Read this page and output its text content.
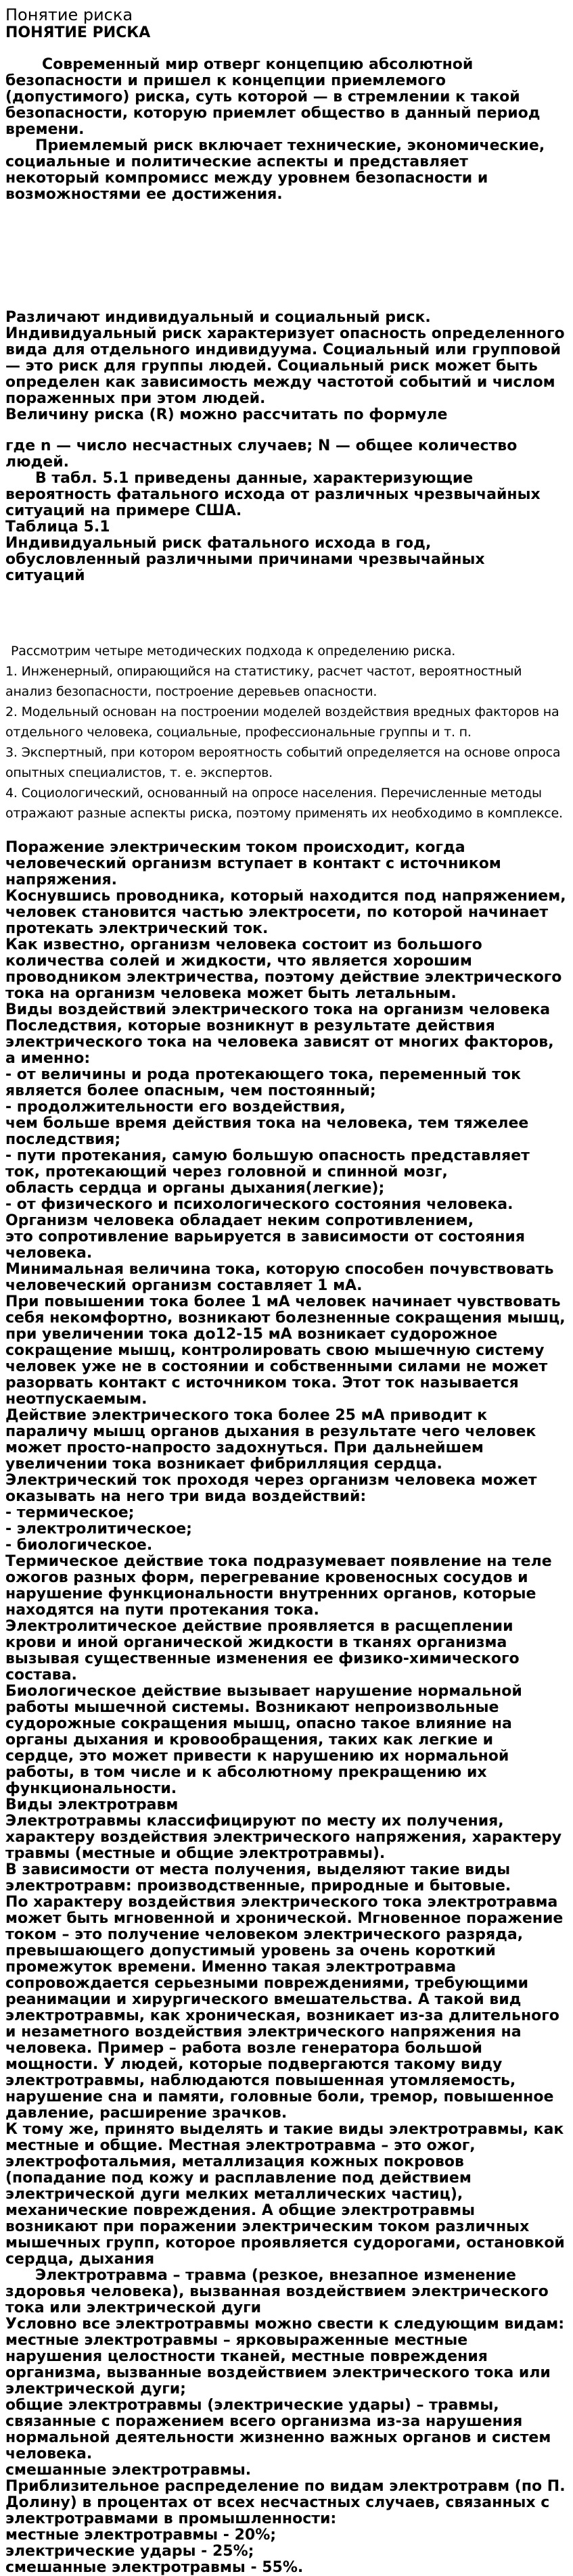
Понятие риска
ПОНЯТИЕ РИСКА

Современный мир отверг концепцию абсолютной безопасности и пришел к концепции приемлемого (допустимого) риска, суть которой — в стремлении к такой безопасности, которую приемлет общество в данный период времени.

Приемлемый риск включает технические, экономические, социальные и политические аспекты и представляет некоторый компромисс между уровнем безопасности и возможностями ее достижения.

Различают индивидуальный и социальный риск. Индивидуальный риск характеризует опасность определенного вида для отдельного индивидуума. Социальный или групповой — это риск для группы людей. Социальный риск может быть определен как зависимость между частотой событий и числом пораженных при этом людей.

Величину риска (R) можно рассчитать по формуле

где n — число несчастных случаев; N — общее количество людей.

В табл. 5.1 приведены данные, характеризующие вероятность фатального исхода от различных чрезвычайных ситуаций на примере США.

Таблица 5.1

Индивидуальный риск фатального исхода в год, обусловленный различными причинами чрезвычайных ситуаций

Рассмотрим четыре методических подхода к определению риска.

1. Инженерный, опирающийся на статистику, расчет частот, вероятностный анализ безопасности, построение деревьев опасности.

2. Модельный основан на построении моделей воздействия вредных факторов на отдельного человека, социальные, профессиональные группы и т. п.

3. Экспертный, при котором вероятность событий определяется на основе опроса опытных специалистов, т. е. экспертов.

4. Социологический, основанный на опросе населения. Перечисленные методы отражают разные аспекты риска, поэтому применять их необходимо в комплексе.

Поражение электрическим током происходит, когда человеческий организм вступает в контакт с источником напряжения.

Коснувшись проводника, который находится под напряжением, человек становится частью электросети, по которой начинает протекать электрический ток.

Как известно, организм человека состоит из большого количества солей и жидкости, что является хорошим проводником электричества, поэтому действие электрического тока на организм человека может быть летальным.

Виды воздействий электрического тока на организм человека

Последствия, которые возникнут в результате действия электрического тока на человека зависят от многих факторов, а именно:

- от величины и рода протекающего тока, переменный ток является более опасным, чем постоянный;

- продолжительности его воздействия,

чем больше время действия тока на человека, тем тяжелее последствия;

- пути протекания, самую большую опасность представляет ток, протекающий через головной и спинной мозг,

область сердца и органы дыхания(легкие);

- от физического и психологического состояния человека.

Организм человека обладает неким сопротивлением,

это сопротивление варьируется в зависимости от состояния человека.

Минимальная величина тока, которую способен почувствовать человеческий организм составляет 1 мА.

При повышении тока более 1 мА человек начинает чувствовать себя некомфортно, возникают болезненные сокращения мышц, при увеличении тока до12-15 мА возникает судорожное сокращение мышц, контролировать свою мышечную систему человек уже не в состоянии и собственными силами не может разорвать контакт с источником тока. Этот ток называется неотпускаемым.

Действие электрического тока более 25 мА приводит к параличу мышц органов дыхания в результате чего человек может просто-напросто задохнуться. При дальнейшем увеличении тока возникает фибрилляция сердца.

Электрический ток проходя через организм человека может оказывать на него три вида воздействий:

- термическое;

- электролитическое;

- биологическое.

Термическое действие тока подразумевает появление на теле ожогов разных форм, перегревание кровеносных сосудов и нарушение функциональности внутренних органов, которые находятся на пути протекания тока.

Электролитическое действие проявляется в расщеплении крови и иной органической жидкости в тканях организма вызывая существенные изменения ее физико-химического состава.

Биологическое действие вызывает нарушение нормальной работы мышечной системы. Возникают непроизвольные судорожные сокращения мышц, опасно такое влияние на органы дыхания и кровообращения, таких как легкие и сердце, это может привести к нарушению их нормальной работы, в том числе и к абсолютному прекращению их функциональности.

Виды электротравм

Электротравмы классифицируют по месту их получения, характеру воздействия электрического напряжения, характеру травмы (местные и общие электротравмы).

В зависимости от места получения, выделяют такие виды электротравм: производственные, природные и бытовые.

По характеру воздействия электрического тока электротравма может быть мгновенной и хронической. Мгновенное поражение током – это получение человеком электрического разряда, превышающего допустимый уровень за очень короткий промежуток времени. Именно такая электротравма сопровождается серьезными повреждениями, требующими реанимации и хирургического вмешательства. А такой вид электротравмы, как хроническая, возникает из-за длительного и незаметного воздействия электрического напряжения на человека. Пример – работа возле генератора большой мощности. У людей, которые подвергаются такому виду электротравмы, наблюдаются повышенная утомляемость, нарушение сна и памяти, головные боли, тремор, повышенное давление, расширение зрачков.

К тому же, принято выделять и такие виды электротравмы, как местные и общие. Местная электротравма – это ожог, электрофотальмия, металлизация кожных покровов (попадание под кожу и расплавление под действием электрической дуги мелких металлических частиц), механические повреждения. А общие электротравмы возникают при поражении электрическим током различных мышечных групп, которое проявляется судорогами, остановкой сердца, дыхания

Электротравма – травма (резкое, внезапное изменение здоровья человека), вызванная воздействием электрического тока или электрической дуги

Условно все электротравмы можно свести к следующим видам:

местные электротравмы – ярковыраженные местные нарушения целостности тканей, местные повреждения организма, вызванные воздействием электрического тока или электрической дуги;

общие электротравмы (электрические удары) – травмы, связанные с поражением всего организма из-за нарушения нормальной деятельности жизненно важных органов и систем человека.

смешанные электротравмы.

Приблизительное распределение по видам электротравм (по П. Долину) в процентах от всех несчастных случаев, связанных с электротравмами в промышленности:

местные электротравмы - 20%;

электрические удары - 25%;

смешанные электротравмы - 55%.
